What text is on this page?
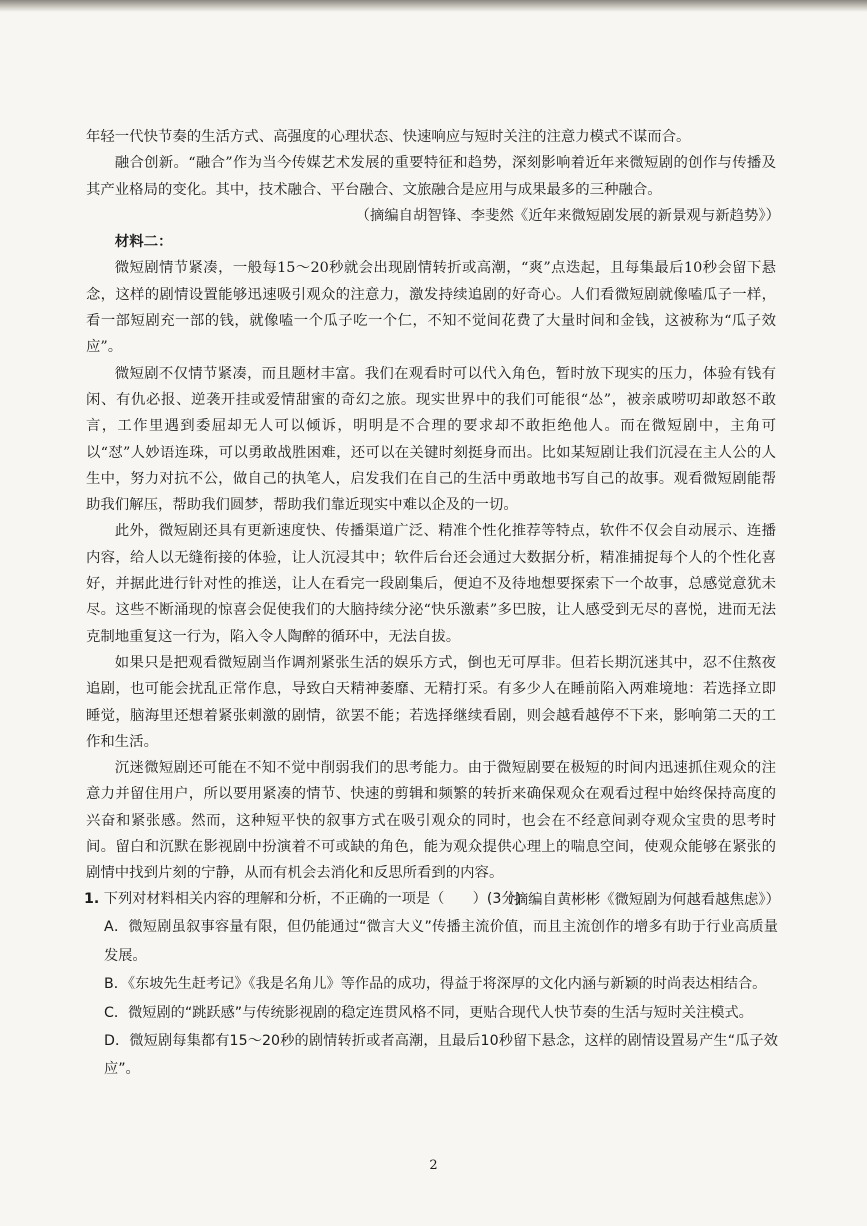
年轻一代快节奏的生活方式、高强度的心理状态、快速响应与短时关注的注意力模式不谋而合。

融合创新。“融合”作为当今传媒艺术发展的重要特征和趋势，深刻影响着近年来微短剧的创作与传播及其产业格局的变化。其中，技术融合、平台融合、文旅融合是应用与成果最多的三种融合。

（摘编自胡智锋、李斐然《近年来微短剧发展的新景观与新趋势》）

材料二：

微短剧情节紧凑，一般每15～20秒就会出现剧情转折或高潮，“爽”点迭起，且每集最后10秒会留下悬念，这样的剧情设置能够迅速吸引观众的注意力，激发持续追剧的好奇心。人们看微短剧就像嗑瓜子一样，看一部短剧充一部的钱，就像嗑一个瓜子吃一个仁，不知不觉间花费了大量时间和金钱，这被称为“瓜子效应”。

微短剧不仅情节紧凑，而且题材丰富。我们在观看时可以代入角色，暂时放下现实的压力，体验有钱有闲、有仇必报、逆袭开挂或爱情甜蜜的奇幻之旅。现实世界中的我们可能很“怂”，被亲戚唠叨却敢怒不敢言，工作里遇到委屈却无人可以倾诉，明明是不合理的要求却不敢拒绝他人。而在微短剧中，主角可以“怼”人妙语连珠，可以勇敢战胜困难，还可以在关键时刻挺身而出。比如某短剧让我们沉浸在主人公的人生中，努力对抗不公，做自己的执笔人，启发我们在自己的生活中勇敢地书写自己的故事。观看微短剧能帮助我们解压，帮助我们圆梦，帮助我们靠近现实中难以企及的一切。

此外，微短剧还具有更新速度快、传播渠道广泛、精准个性化推荐等特点，软件不仅会自动展示、连播内容，给人以无缝衔接的体验，让人沉浸其中；软件后台还会通过大数据分析，精准捕捉每个人的个性化喜好，并据此进行针对性的推送，让人在看完一段剧集后，便迫不及待地想要探索下一个故事，总感觉意犹未尽。这些不断涌现的惊喜会促使我们的大脑持续分泌“快乐激素”多巴胺，让人感受到无尽的喜悦，进而无法克制地重复这一行为，陷入令人陶醉的循环中，无法自拔。

如果只是把观看微短剧当作调剂紧张生活的娱乐方式，倒也无可厚非。但若长期沉迷其中，忍不住熬夜追剧，也可能会扰乱正常作息，导致白天精神萎靡、无精打采。有多少人在睡前陷入两难境地：若选择立即睡觉，脑海里还想着紧张刺激的剧情，欲罢不能；若选择继续看剧，则会越看越停不下来，影响第二天的工作和生活。

沉迷微短剧还可能在不知不觉中削弱我们的思考能力。由于微短剧要在极短的时间内迅速抓住观众的注意力并留住用户，所以要用紧凑的情节、快速的剪辑和频繁的转折来确保观众在观看过程中始终保持高度的兴奋和紧张感。然而，这种短平快的叙事方式在吸引观众的同时，也会在不经意间剥夺观众宝贵的思考时间。留白和沉默在影视剧中扮演着不可或缺的角色，能为观众提供心理上的喘息空间，使观众能够在紧张的剧情中找到片刻的宁静，从而有机会去消化和反思所看到的内容。

（摘编自黄彬彬《微短剧为何越看越焦虑》）

1. 下列对材料相关内容的理解和分析，不正确的一项是（　　）(3分)

A．微短剧虽叙事容量有限，但仍能通过“微言大义”传播主流价值，而且主流创作的增多有助于行业高质量发展。

B．《东坡先生赶考记》《我是名角儿》等作品的成功，得益于将深厚的文化内涵与新颖的时尚表达相结合。

C．微短剧的“跳跃感”与传统影视剧的稳定连贯风格不同，更贴合现代人快节奏的生活与短时关注模式。

D．微短剧每集都有15～20秒的剧情转折或者高潮，且最后10秒留下悬念，这样的剧情设置易产生“瓜子效应”。

2
